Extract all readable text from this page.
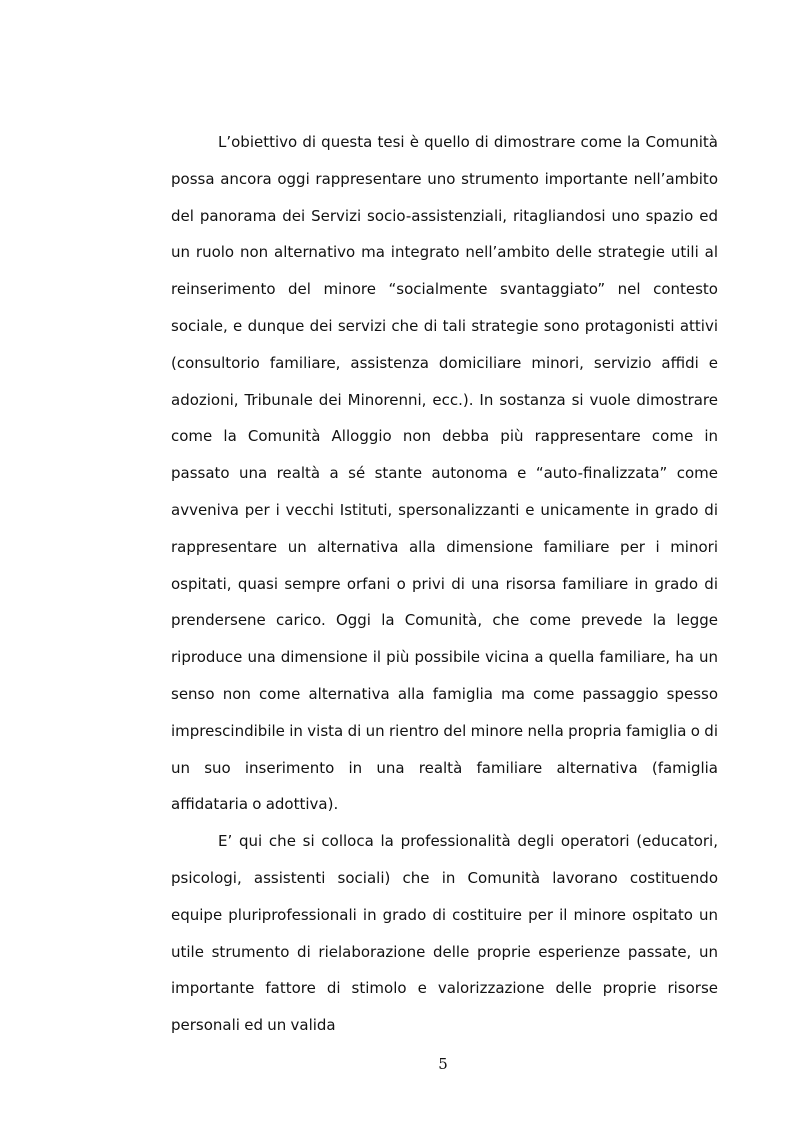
L’obiettivo di questa tesi è quello di dimostrare come la Comunità possa ancora oggi rappresentare uno strumento importante nell’ambito del panorama dei Servizi socio-assistenziali, ritagliandosi uno spazio ed un ruolo non alternativo ma integrato nell’ambito delle strategie utili al reinserimento del minore “socialmente svantaggiato” nel contesto sociale, e dunque dei servizi che di tali strategie sono protagonisti attivi (consultorio familiare, assistenza domiciliare minori, servizio affidi e adozioni, Tribunale dei Minorenni, ecc.). In sostanza si vuole dimostrare come la Comunità Alloggio non debba più rappresentare come in passato una realtà a sé stante autonoma e “auto-finalizzata” come avveniva per i vecchi Istituti, spersonalizzanti e unicamente in grado di rappresentare un alternativa alla dimensione familiare per i minori ospitati, quasi sempre orfani o privi di una risorsa familiare in grado di prendersene carico. Oggi la Comunità, che come prevede la legge riproduce una dimensione il più possibile vicina a quella familiare, ha un senso non come alternativa alla famiglia ma come passaggio spesso imprescindibile in vista di un rientro del minore nella propria famiglia o di un suo inserimento in una realtà familiare alternativa (famiglia affidataria o adottiva).

E’ qui che si colloca la professionalità degli operatori (educatori, psicologi, assistenti sociali) che in Comunità lavorano costituendo equipe pluriprofessionali in grado di costituire per il minore ospitato un utile strumento di rielaborazione delle proprie esperienze passate, un importante fattore di stimolo e valorizzazione delle proprie risorse personali ed un valida

5
